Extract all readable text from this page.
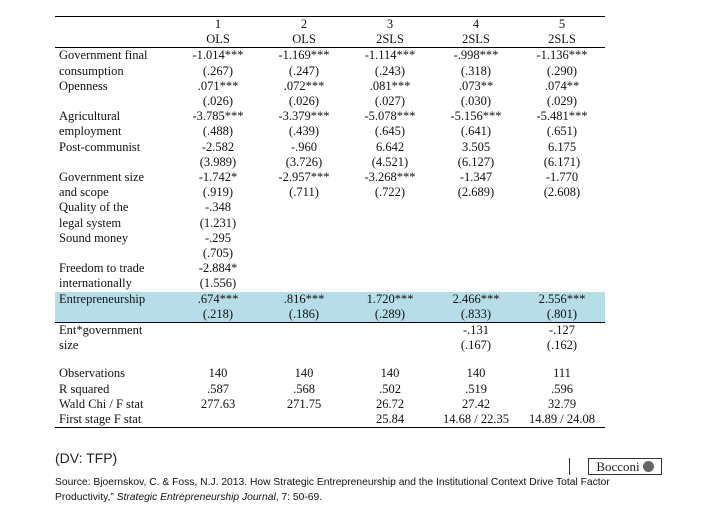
	1	2	3	4	5
	OLS	OLS	2SLS	2SLS	2SLS
Government final	-1.014***	-1.169***	-1.114***	-.998***	-1.136***
consumption	(.267)	(.247)	(.243)	(.318)	(.290)
Openness	.071***	.072***	.081***	.073**	.074**
	(.026)	(.026)	(.027)	(.030)	(.029)
Agricultural	-3.785***	-3.379***	-5.078***	-5.156***	-5.481***
employment	(.488)	(.439)	(.645)	(.641)	(.651)
Post-communist	-2.582	-.960	6.642	3.505	6.175
	(3.989)	(3.726)	(4.521)	(6.127)	(6.171)
Government size	-1.742*	-2.957***	-3.268***	-1.347	-1.770
and scope	(.919)	(.711)	(.722)	(2.689)	(2.608)
Quality of the	-.348				
legal system	(1.231)				
Sound money	-.295				
	(.705)				
Freedom to trade	-2.884*				
internationally	(1.556)				
Entrepreneurship	.674***	.816***	1.720***	2.466***	2.556***
	(.218)	(.186)	(.289)	(.833)	(.801)
Ent*government				-.131	-.127
size				(.167)	(.162)

Observations	140	140	140	140	111
R squared	.587	.568	.502	.519	.596
Wald Chi / F stat	277.63	271.75	26.72	27.42	32.79
First stage F stat			25.84	14.68 / 22.35	14.89 / 24.08
(DV: TFP)	Bocconi
Source: Bjoernskov, C. & Foss, N.J. 2013. How Strategic Entrepreneurship and the Institutional Context Drive Total Factor Productivity,” Strategic Entrepreneurship Journal, 7: 50-69.
